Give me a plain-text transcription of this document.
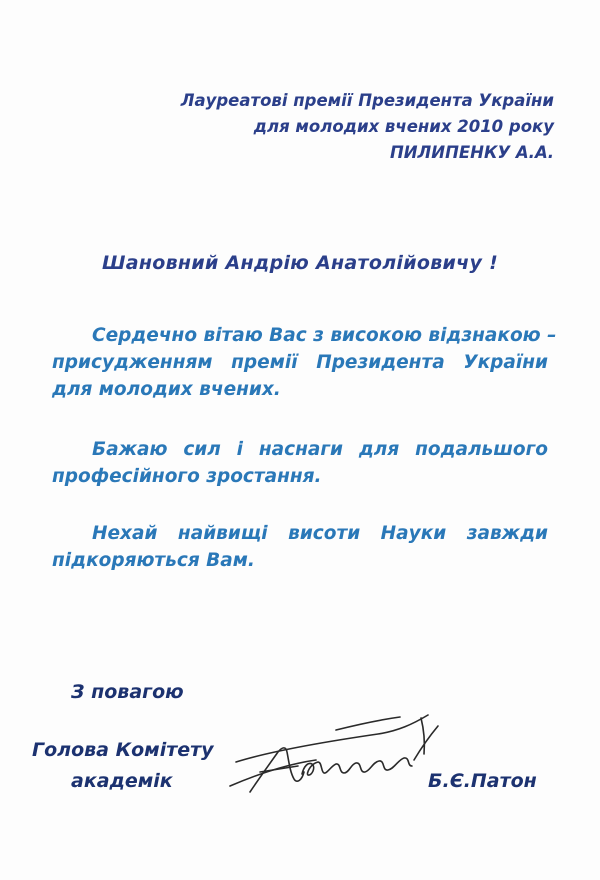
Лауреатові премії Президента України
для молодих вчених 2010 року
ПИЛИПЕНКУ А.А.
Шановний Андрію Анатолійовичу !
Сердечно вітаю Вас з високою відзнакою –
присудженням премії Президента України
для молодих вчених.
Бажаю сил і наснаги для подальшого
професійного зростання.
Нехай найвищі висоти Науки завжди
підкоряються Вам.
З повагою
Голова Комітету
академік	Б.Є.Патон
